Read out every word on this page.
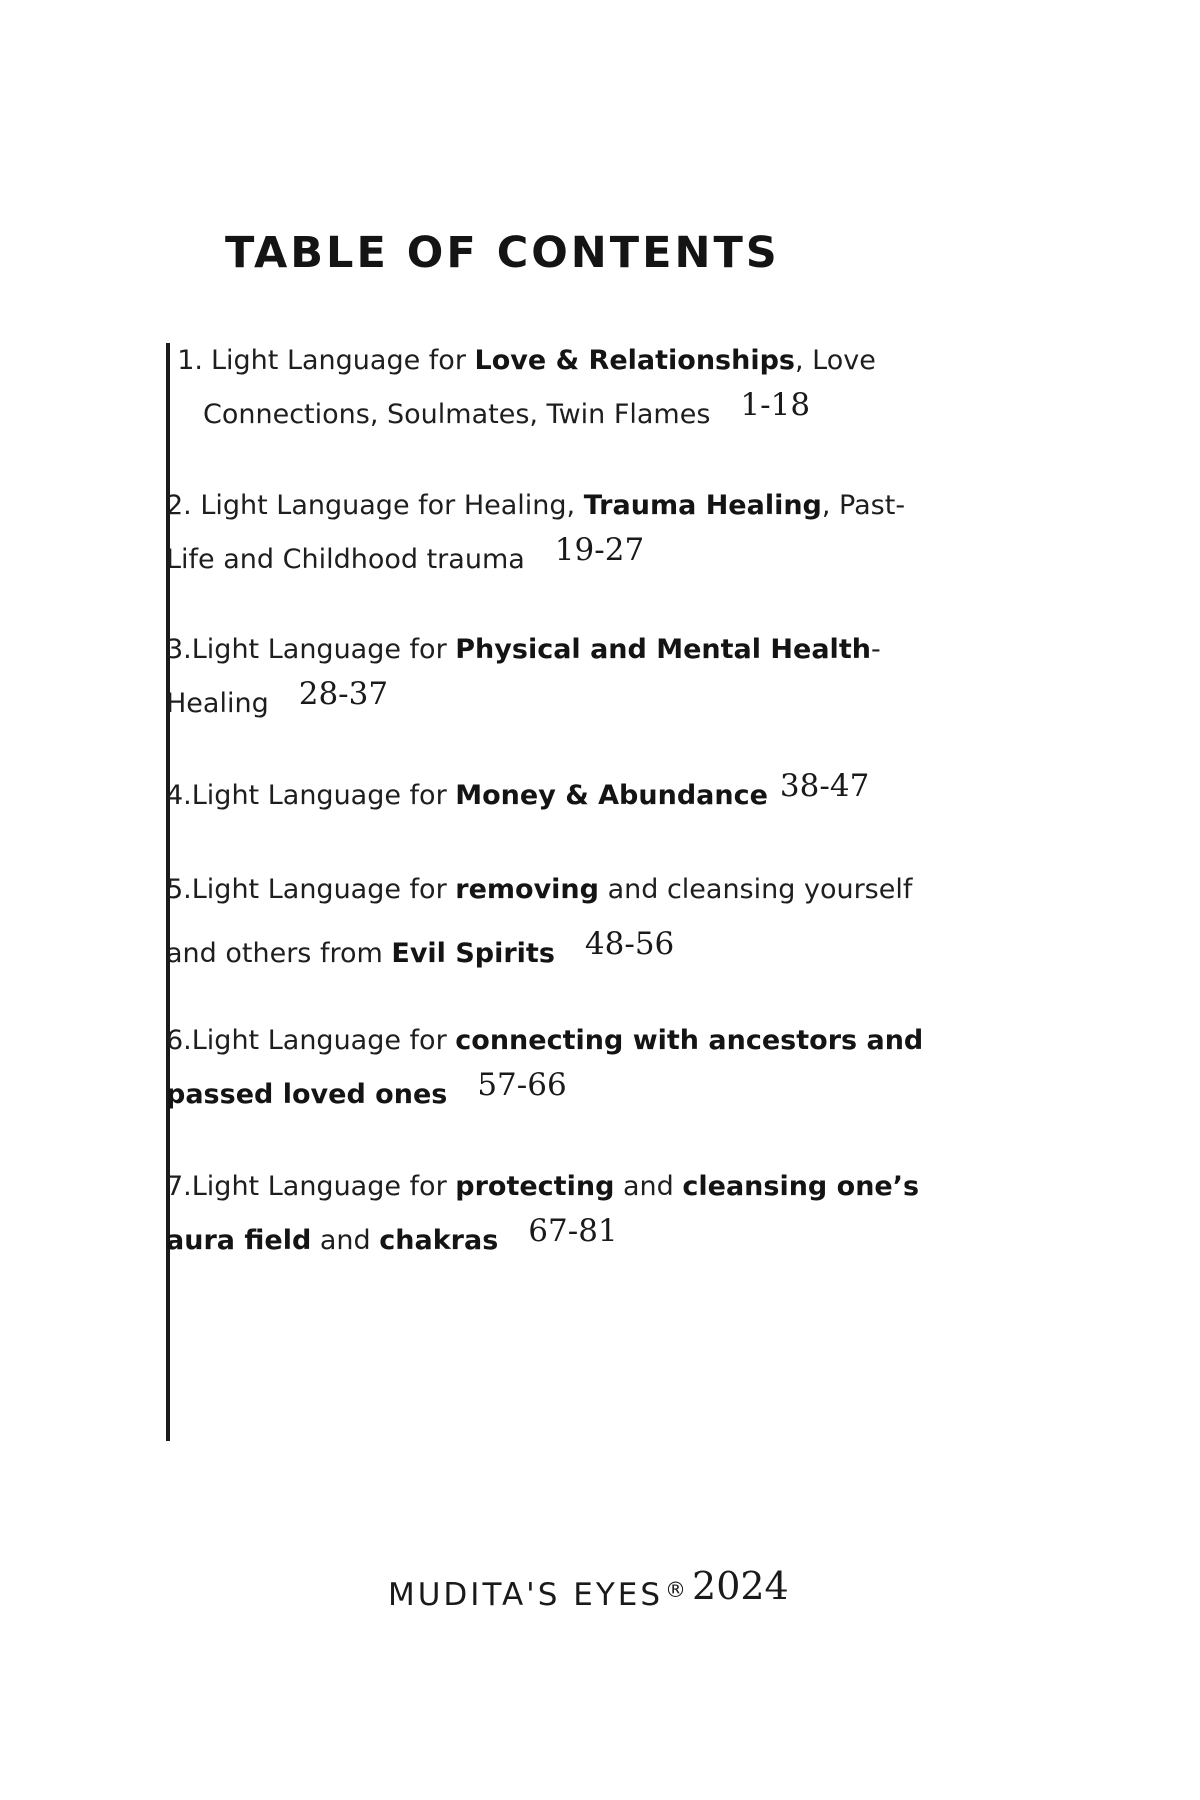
TABLE OF CONTENTS
1. Light Language for Love & Relationships, Love
Connections, Soulmates, Twin Flames 1-18
2. Light Language for Healing, Trauma Healing, Past-
Life and Childhood trauma 19-27
3.Light Language for Physical and Mental Health-
Healing 28-37
4.Light Language for Money & Abundance 38-47
5.Light Language for removing and cleansing yourself
and others from Evil Spirits 48-56
6.Light Language for connecting with ancestors and
passed loved ones 57-66
7.Light Language for protecting and cleansing one’s
aura field and chakras 67-81
MUDITA'S EYES® 2024
